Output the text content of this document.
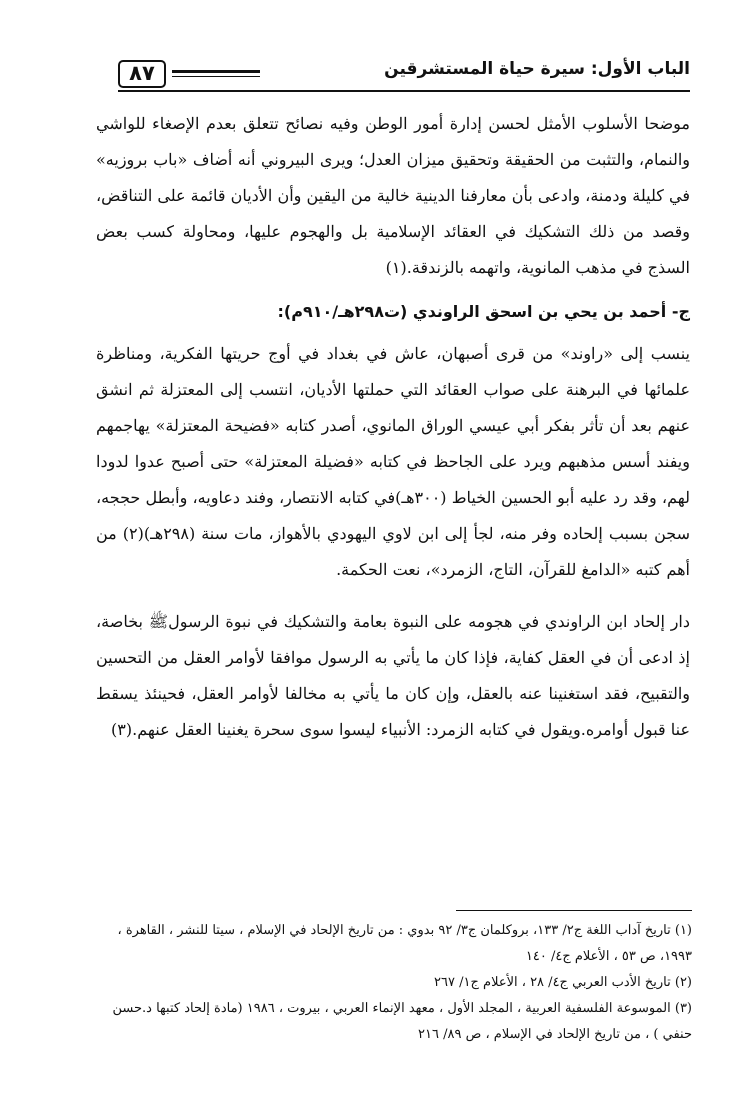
٨٧	الباب الأول: سيرة حياة المستشرقين

موضحا الأسلوب الأمثل لحسن إدارة أمور الوطن وفيه نصائح تتعلق بعدم الإصغاء للواشي والنمام، والتثبت من الحقيقة وتحقيق ميزان العدل؛ ويرى البيروني أنه أضاف «باب بروزيه» في كليلة ودمنة، وادعى بأن معارفنا الدينية خالية من اليقين وأن الأديان قائمة على التناقض، وقصد من ذلك التشكيك في العقائد الإسلامية بل والهجوم عليها، ومحاولة كسب بعض السذج في مذهب المانوية، واتهمه بالزندقة.(١)

ج- أحمد بن يحي بن اسحق الراوندي (ت٢٩٨هـ/٩١٠م):

ينسب إلى «راوند» من قرى أصبهان، عاش في بغداد في أوج حريتها الفكرية، ومناظرة علمائها في البرهنة على صواب العقائد التي حملتها الأديان، انتسب إلى المعتزلة ثم انشق عنهم بعد أن تأثر بفكر أبي عيسي الوراق المانوي، أصدر كتابه «فضيحة المعتزلة» يهاجمهم ويفند أسس مذهبهم ويرد على الجاحظ في كتابه «فضيلة المعتزلة» حتى أصبح عدوا لدودا لهم، وقد رد عليه أبو الحسين الخياط (٣٠٠هـ)في كتابه الانتصار، وفند دعاويه، وأبطل حججه، سجن بسبب إلحاده وفر منه، لجأ إلى ابن لاوي اليهودي بالأهواز، مات سنة (٢٩٨هـ)(٢) من أهم كتبه «الدامغ للقرآن، التاج، الزمرد»، نعت الحكمة.

دار إلحاد ابن الراوندي في هجومه على النبوة بعامة والتشكيك في نبوة الرسولﷺ بخاصة، إذ ادعى أن في العقل كفاية، فإذا كان ما يأتي به الرسول موافقا لأوامر العقل من التحسين والتقبيح، فقد استغنينا عنه بالعقل، وإن كان ما يأتي به مخالفا لأوامر العقل، فحينئذ يسقط عنا قبول أوامره.ويقول في كتابه الزمرد: الأنبياء ليسوا سوى سحرة يغنينا العقل عنهم.(٣)

(١) تاريخ آداب اللغة ج٢/ ١٣٣، بروكلمان ج٣/ ٩٢ بدوي : من تاريخ الإلحاد في الإسلام ، سيتا للنشر ، القاهرة ، ١٩٩٣، ص ٥٣ ، الأعلام ج٤/ ١٤٠

(٢) تاريخ الأدب العربي ج٤/ ٢٨ ، الأعلام ج١/ ٢٦٧

(٣) الموسوعة الفلسفية العربية ، المجلد الأول ، معهد الإنماء العربي ، بيروت ، ١٩٨٦ (مادة إلحاد كتبها د.حسن حنفي ) ، من تاريخ الإلحاد في الإسلام ، ص ٨٩/ ٢١٦
